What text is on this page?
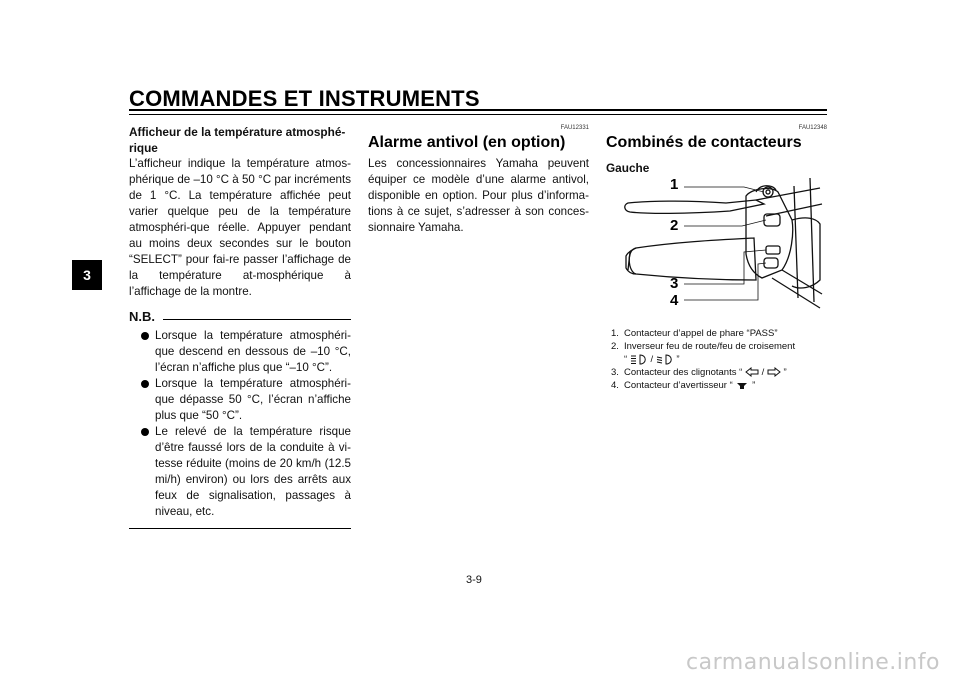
COMMANDES ET INSTRUMENTS
3

Afficheur de la température atmosphé-
rique

L’afficheur indique la température atmos-phérique de –10 °C à 50 °C par incréments de 1 °C. La température affichée peut varier quelque peu de la température atmosphéri-que réelle. Appuyer pendant au moins deux secondes sur le bouton “SELECT” pour fai-re passer l’affichage de la température at-mosphérique à l’affichage de la montre.

N.B.
Lorsque la température atmosphéri-que descend en dessous de –10 °C, l’écran n’affiche plus que “–10 °C”.
Lorsque la température atmosphéri-que dépasse 50 °C, l’écran n’affiche plus que “50 °C”.
Le relevé de la température risque d’être faussé lors de la conduite à vi-tesse réduite (moins de 20 km/h (12.5 mi/h) environ) ou lors des arrêts aux feux de signalisation, passages à niveau, etc.
FAU12331

Alarme antivol (en option)

Les concessionnaires Yamaha peuvent équiper ce modèle d’une alarme antivol, disponible en option. Pour plus d’informa-tions à ce sujet, s’adresser à son conces-sionnaire Yamaha.

FAU12348

Combinés de contacteurs

Gauche

1
2
3
4
1. Contacteur d’appel de phare “PASS”
2. Inverseur feu de route/feu de croisement
“ / ”
3. Contacteur des clignotants “ / ”
4. Contacteur d’avertisseur “ ”
3-9
carmanualsonline.info
